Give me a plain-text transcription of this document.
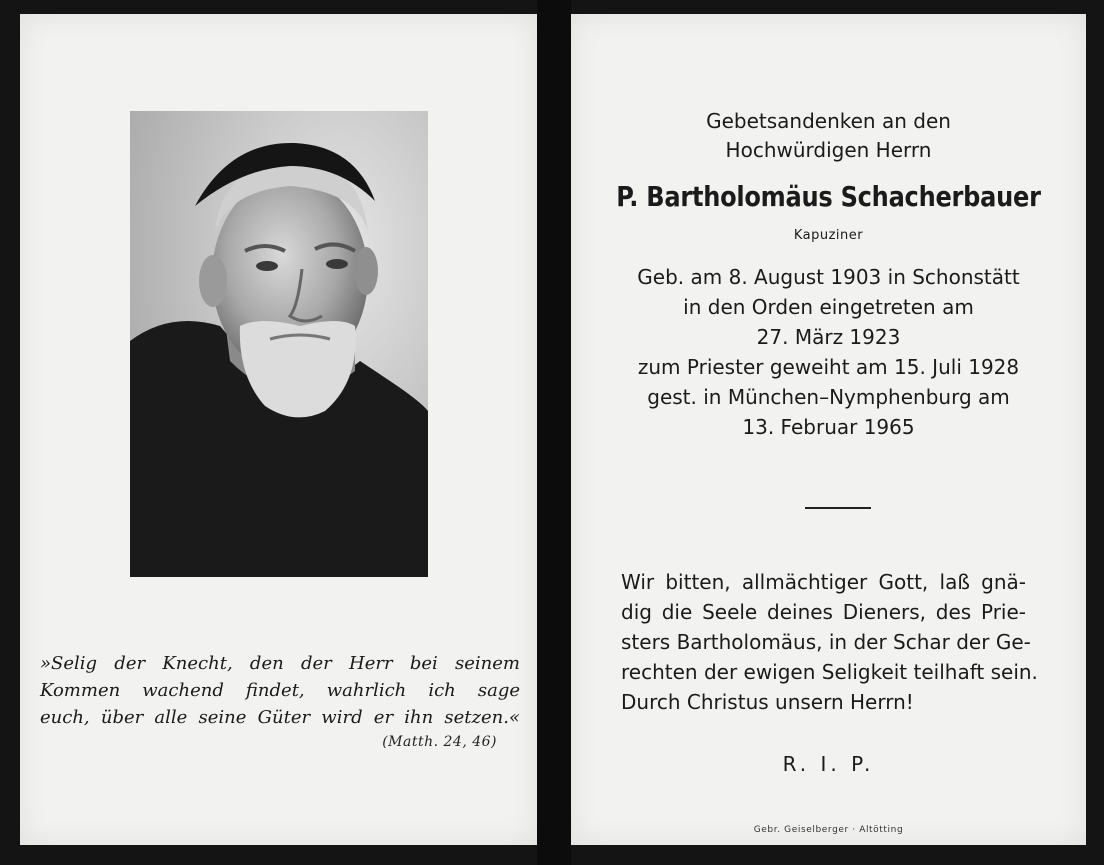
»Selig der Knecht, den der Herr bei seinem
Kommen wachend findet, wahrlich ich sage
euch, über alle seine Güter wird er ihn setzen.«
(Matth. 24, 46)
Gebetsandenken an den
Hochwürdigen Herrn
P. Bartholomäus Schacherbauer
Kapuziner
Geb. am 8. August 1903 in Schonstätt
in den Orden eingetreten am
27. März 1923
zum Priester geweiht am 15. Juli 1928
gest. in München–Nymphenburg am
13. Februar 1965
Wir bitten, allmächtiger Gott, laß gnä-
dig die Seele deines Dieners, des Prie-
sters Bartholomäus, in der Schar der Ge-
rechten der ewigen Seligkeit teilhaft sein.
Durch Christus unsern Herrn!
R. I. P.
Gebr. Geiselberger · Altötting
